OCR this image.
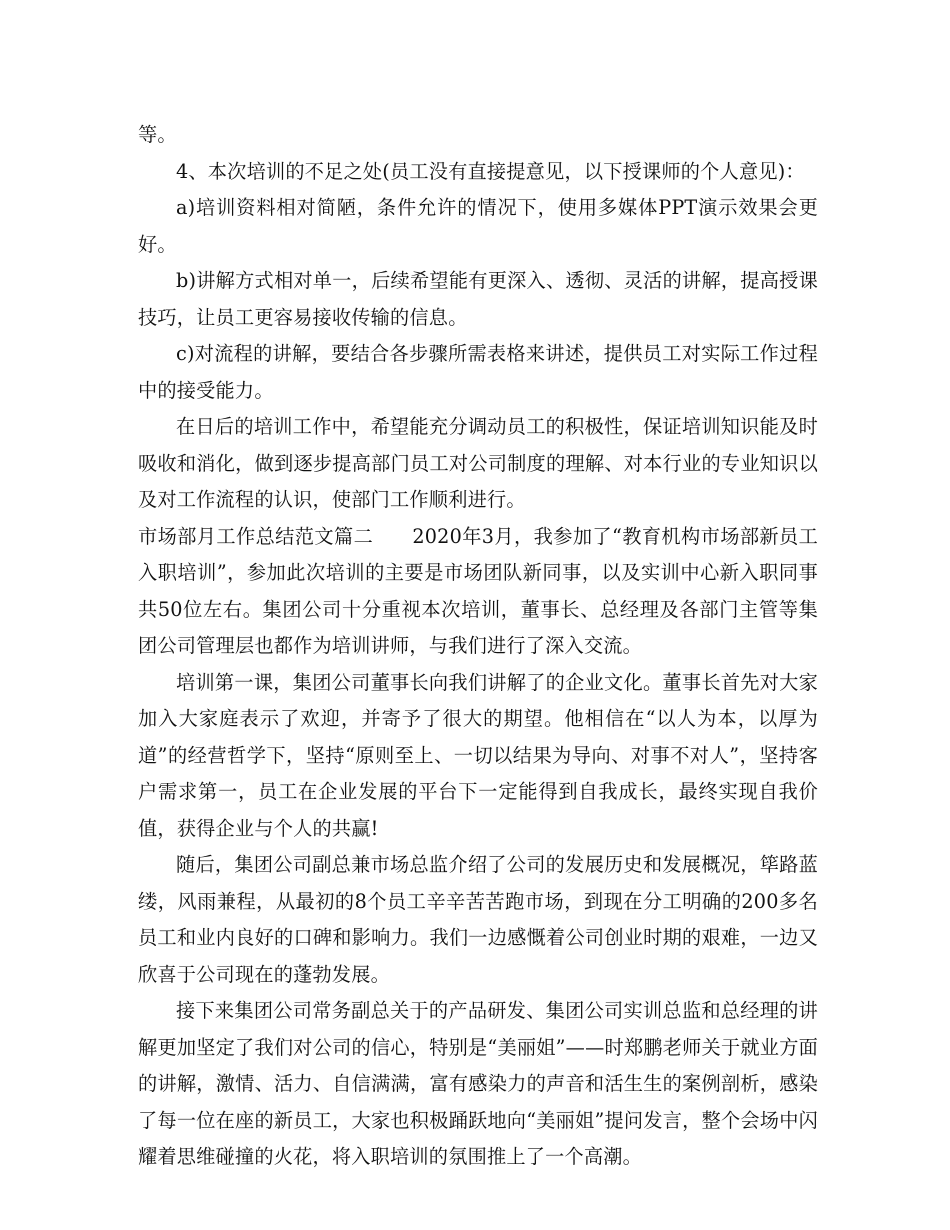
等。

4、本次培训的不足之处(员工没有直接提意见，以下授课师的个人意见)：

a)培训资料相对简陋，条件允许的情况下，使用多媒体PPT演示效果会更好。

b)讲解方式相对单一，后续希望能有更深入、透彻、灵活的讲解，提高授课技巧，让员工更容易接收传输的信息。

c)对流程的讲解，要结合各步骤所需表格来讲述，提供员工对实际工作过程中的接受能力。

在日后的培训工作中，希望能充分调动员工的积极性，保证培训知识能及时吸收和消化，做到逐步提高部门员工对公司制度的理解、对本行业的专业知识以及对工作流程的认识，使部门工作顺利进行。

市场部月工作总结范文篇二　　2020年3月，我参加了“教育机构市场部新员工入职培训”，参加此次培训的主要是市场团队新同事，以及实训中心新入职同事共50位左右。集团公司十分重视本次培训，董事长、总经理及各部门主管等集团公司管理层也都作为培训讲师，与我们进行了深入交流。

培训第一课，集团公司董事长向我们讲解了的企业文化。董事长首先对大家加入大家庭表示了欢迎，并寄予了很大的期望。他相信在“以人为本，以厚为道”的经营哲学下，坚持“原则至上、一切以结果为导向、对事不对人”，坚持客户需求第一，员工在企业发展的平台下一定能得到自我成长，最终实现自我价值，获得企业与个人的共赢!

随后，集团公司副总兼市场总监介绍了公司的发展历史和发展概况，筚路蓝缕，风雨兼程，从最初的8个员工辛辛苦苦跑市场，到现在分工明确的200多名员工和业内良好的口碑和影响力。我们一边感慨着公司创业时期的艰难，一边又欣喜于公司现在的蓬勃发展。

接下来集团公司常务副总关于的产品研发、集团公司实训总监和总经理的讲解更加坚定了我们对公司的信心，特别是“美丽姐”——时郑鹏老师关于就业方面的讲解，激情、活力、自信满满，富有感染力的声音和活生生的案例剖析，感染了每一位在座的新员工，大家也积极踊跃地向“美丽姐”提问发言，整个会场中闪耀着思维碰撞的火花，将入职培训的氛围推上了一个高潮。
